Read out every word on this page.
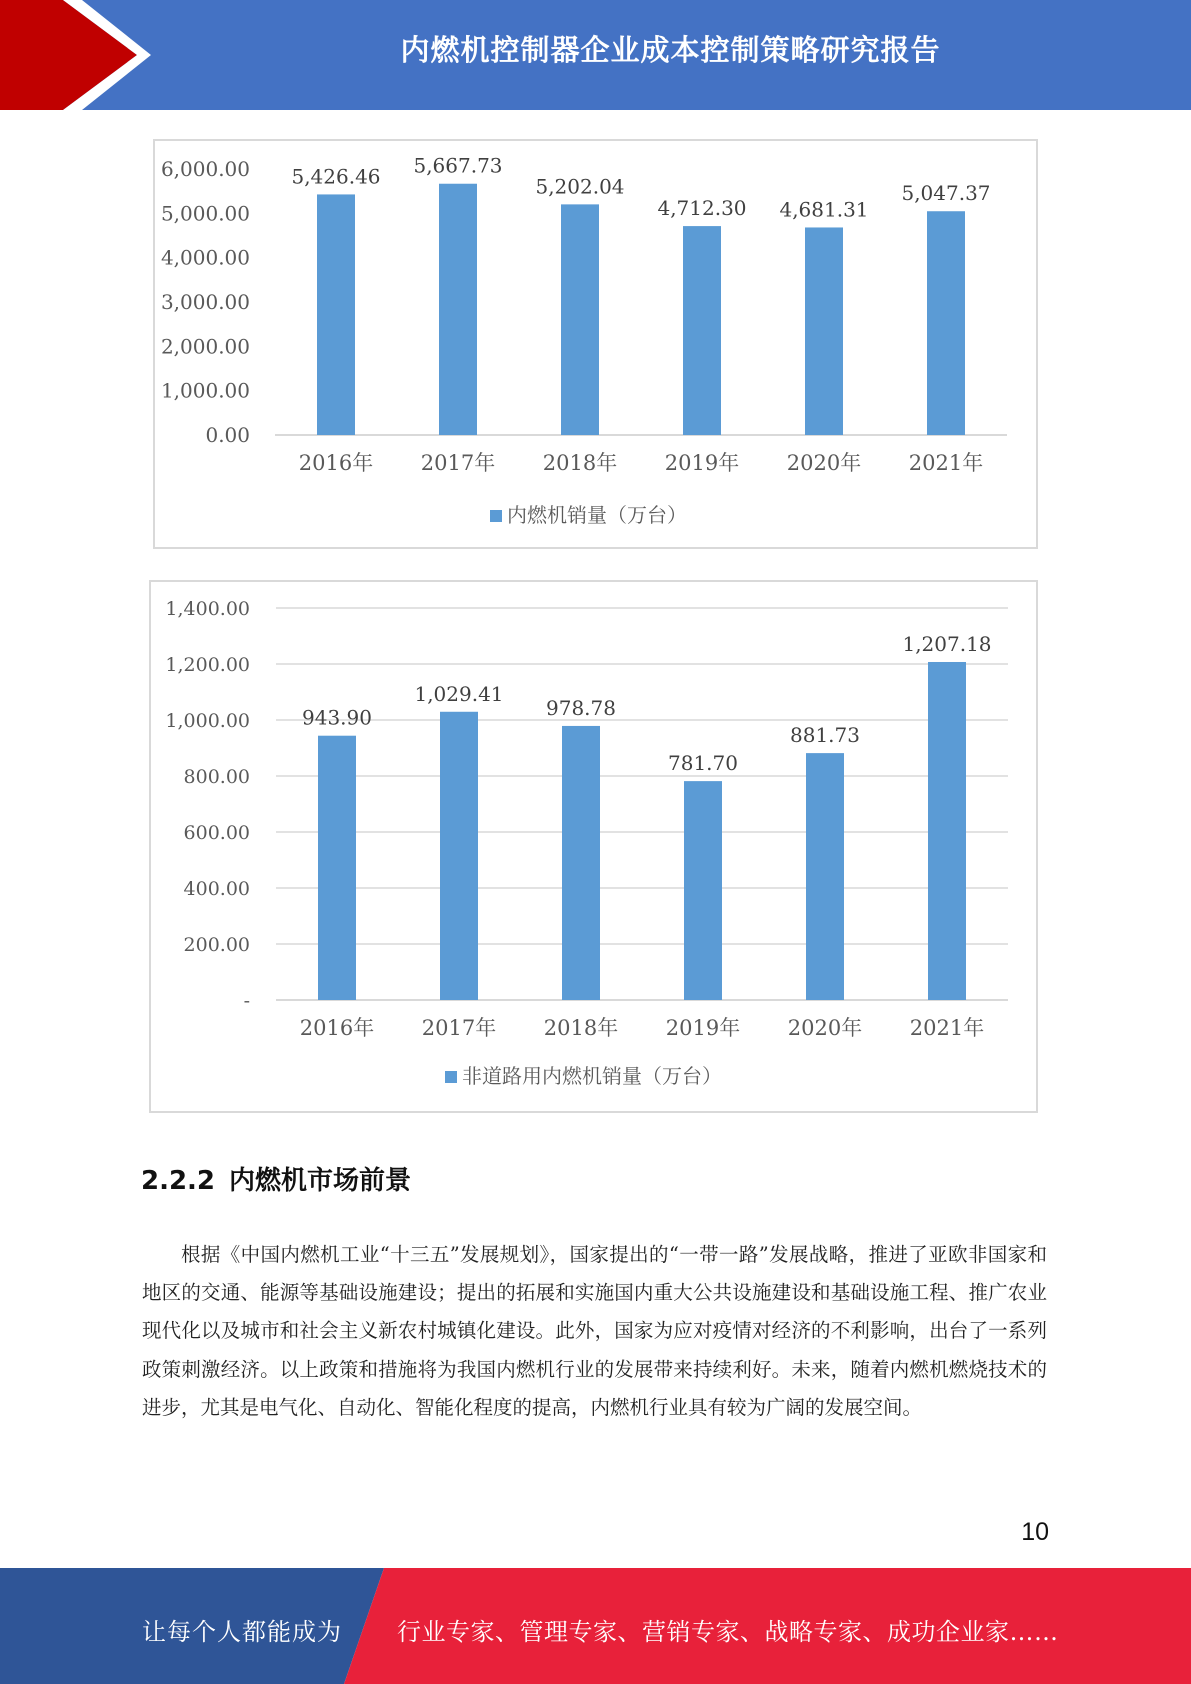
内燃机控制器企业成本控制策略研究报告
0.00
1,000.00
2,000.00
3,000.00
4,000.00
5,000.00
6,000.00 5,426.46
2016年
5,667.73
2017年
5,202.04
2018年
4,712.30
2019年
4,681.31
2020年
5,047.37
2021年
内燃机销量（万台）
-
200.00
400.00
600.00
800.00
1,000.00
1,200.00
1,400.00
943.90
2016年
1,029.41
2017年
978.78
2018年
781.70
2019年
881.73
2020年
1,207.18
2021年
非道路用内燃机销量（万台）
2.2.2 内燃机市场前景
根据《中国内燃机工业“十三五”发展规划》，国家提出的“一带一路”发展战略，推进了亚欧非国家和地区的交通、能源等基础设施建设；提出的拓展和实施国内重大公共设施建设和基础设施工程、推广农业现代化以及城市和社会主义新农村城镇化建设。此外，国家为应对疫情对经济的不利影响，出台了一系列政策刺激经济。以上政策和措施将为我国内燃机行业的发展带来持续利好。未来，随着内燃机燃烧技术的进步，尤其是电气化、自动化、智能化程度的提高，内燃机行业具有较为广阔的发展空间。
10
让每个人都能成为 行业专家、管理专家、营销专家、战略专家、成功企业家……
